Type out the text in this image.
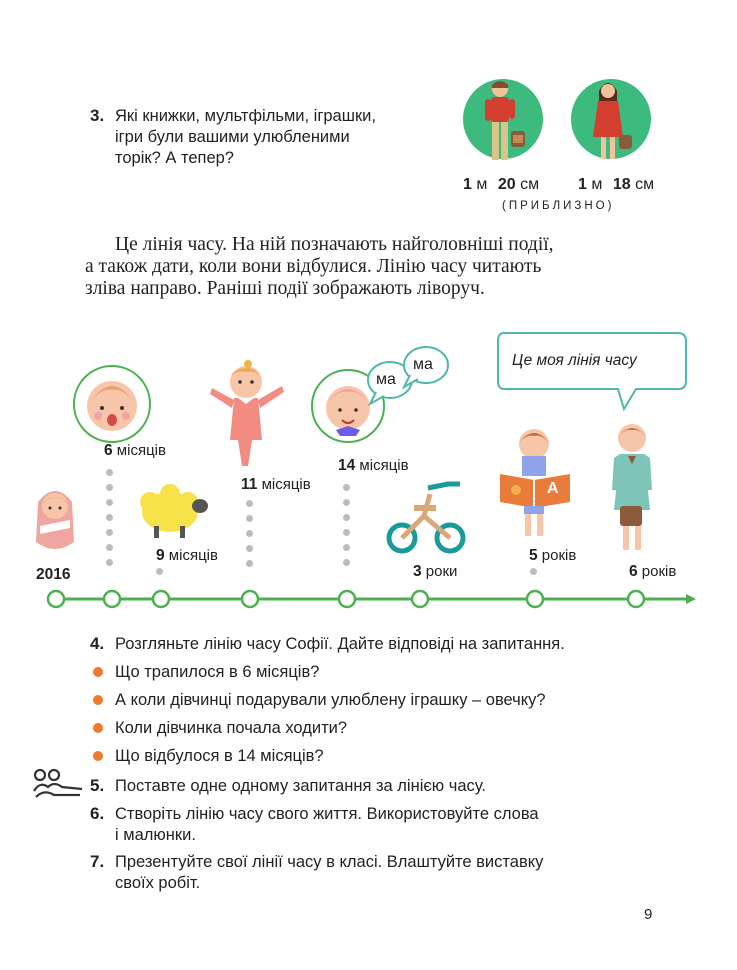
3. Які книжки, мультфільми, іграшки,
ігри були вашими улюбленими
торік? А тепер?
1 м 20 см 1 м 18 см
(ПРИБЛИЗНО)
Це лінія часу. На ній позначають найголовніші події,
а також дати, коли вони відбулися. Лінію часу читають
зліва направо. Раніші події зображають ліворуч.
Це моя лінія часу
ма
ма
А
2016
6 місяців
9 місяців
11 місяців
14 місяців
3 роки
5 років
6 років
4. Розгляньте лінію часу Софії. Дайте відповіді на запитання.
Що трапилося в 6 місяців?
А коли дівчинці подарували улюблену іграшку – овечку?
Коли дівчинка почала ходити?
Що відбулося в 14 місяців?
5. Поставте одне одному запитання за лінією часу.
6. Створіть лінію часу свого життя. Використовуйте слова
і малюнки.
7. Презентуйте свої лінії часу в класі. Влаштуйте виставку
своїх робіт.
9
